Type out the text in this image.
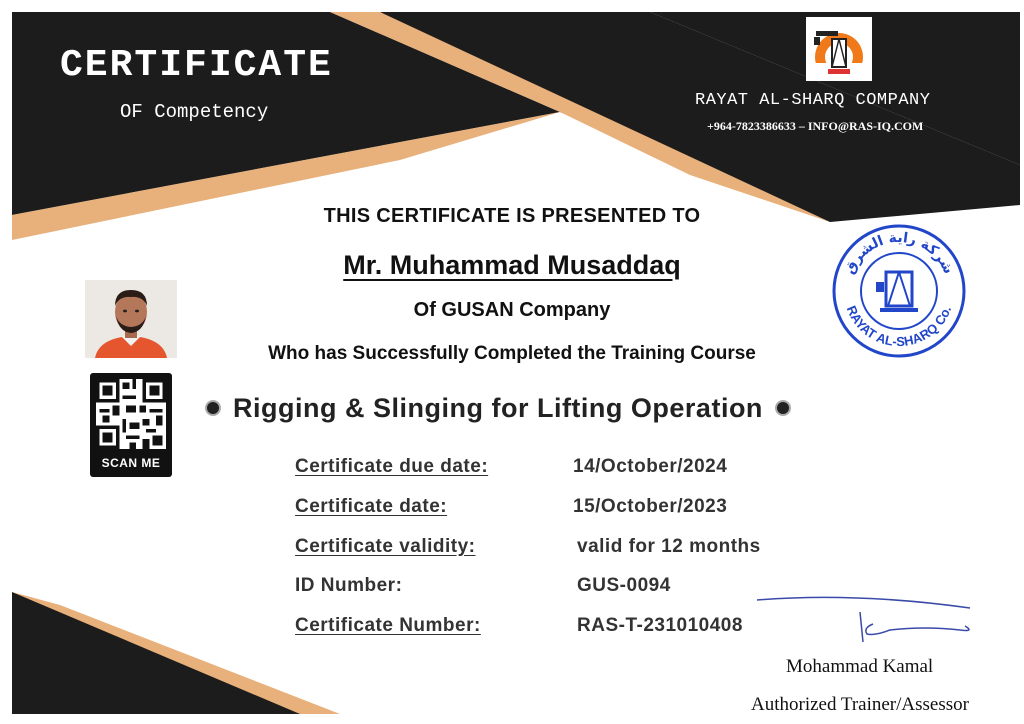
CERTIFICATE
OF Competency
RAYAT AL-SHARQ COMPANY
+964-7823386633 – INFO@RAS-IQ.COM
THIS CERTIFICATE IS PRESENTED TO
Mr. Muhammad Musaddaq
Of GUSAN Company
Who has Successfully Completed the Training Course
Rigging & Slinging for Lifting Operation
Certificate due date:	14/October/2024
Certificate date:	15/October/2023
Certificate validity:	valid for 12 months
ID Number:	GUS-0094
Certificate Number:	RAS-T-231010408
SCAN ME
شركة راية الشرق
RAYAT AL-SHARQ Co.
Mohammad Kamal
Authorized Trainer/Assessor
